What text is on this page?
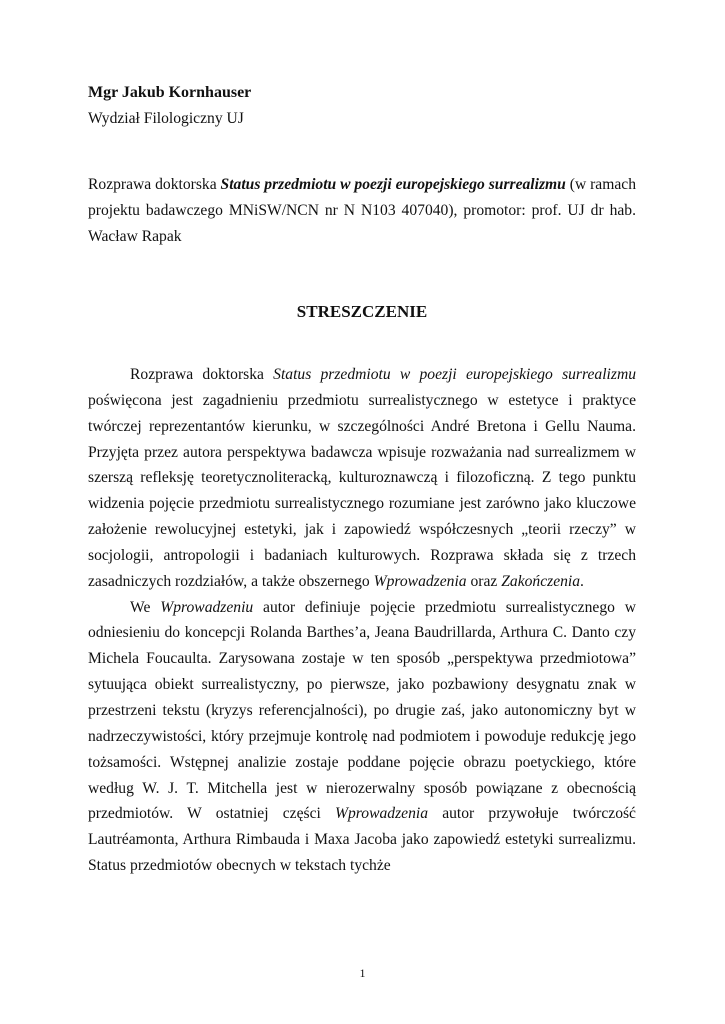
Mgr Jakub Kornhauser

Wydział Filologiczny UJ

Rozprawa doktorska Status przedmiotu w poezji europejskiego surrealizmu (w ramach projektu badawczego MNiSW/NCN nr N N103 407040), promotor: prof. UJ dr hab. Wacław Rapak

STRESZCZENIE

Rozprawa doktorska Status przedmiotu w poezji europejskiego surrealizmu poświęcona jest zagadnieniu przedmiotu surrealistycznego w estetyce i praktyce twórczej reprezentantów kierunku, w szczególności André Bretona i Gellu Nauma. Przyjęta przez autora perspektywa badawcza wpisuje rozważania nad surrealizmem w szerszą refleksję teoretycznoliteracką, kulturoznawczą i filozoficzną. Z tego punktu widzenia pojęcie przedmiotu surrealistycznego rozumiane jest zarówno jako kluczowe założenie rewolucyjnej estetyki, jak i zapowiedź współczesnych „teorii rzeczy” w socjologii, antropologii i badaniach kulturowych. Rozprawa składa się z trzech zasadniczych rozdziałów, a także obszernego Wprowadzenia oraz Zakończenia.

We Wprowadzeniu autor definiuje pojęcie przedmiotu surrealistycznego w odniesieniu do koncepcji Rolanda Barthes’a, Jeana Baudrillarda, Arthura C. Danto czy Michela Foucaulta. Zarysowana zostaje w ten sposób „perspektywa przedmiotowa” sytuująca obiekt surrealistyczny, po pierwsze, jako pozbawiony desygnatu znak w przestrzeni tekstu (kryzys referencjalności), po drugie zaś, jako autonomiczny byt w nadrzeczywistości, który przejmuje kontrolę nad podmiotem i powoduje redukcję jego tożsamości. Wstępnej analizie zostaje poddane pojęcie obrazu poetyckiego, które według W. J. T. Mitchella jest w nierozerwalny sposób powiązane z obecnością przedmiotów. W ostatniej części Wprowadzenia autor przywołuje twórczość Lautréamonta, Arthura Rimbauda i Maxa Jacoba jako zapowiedź estetyki surrealizmu. Status przedmiotów obecnych w tekstach tychże

1
